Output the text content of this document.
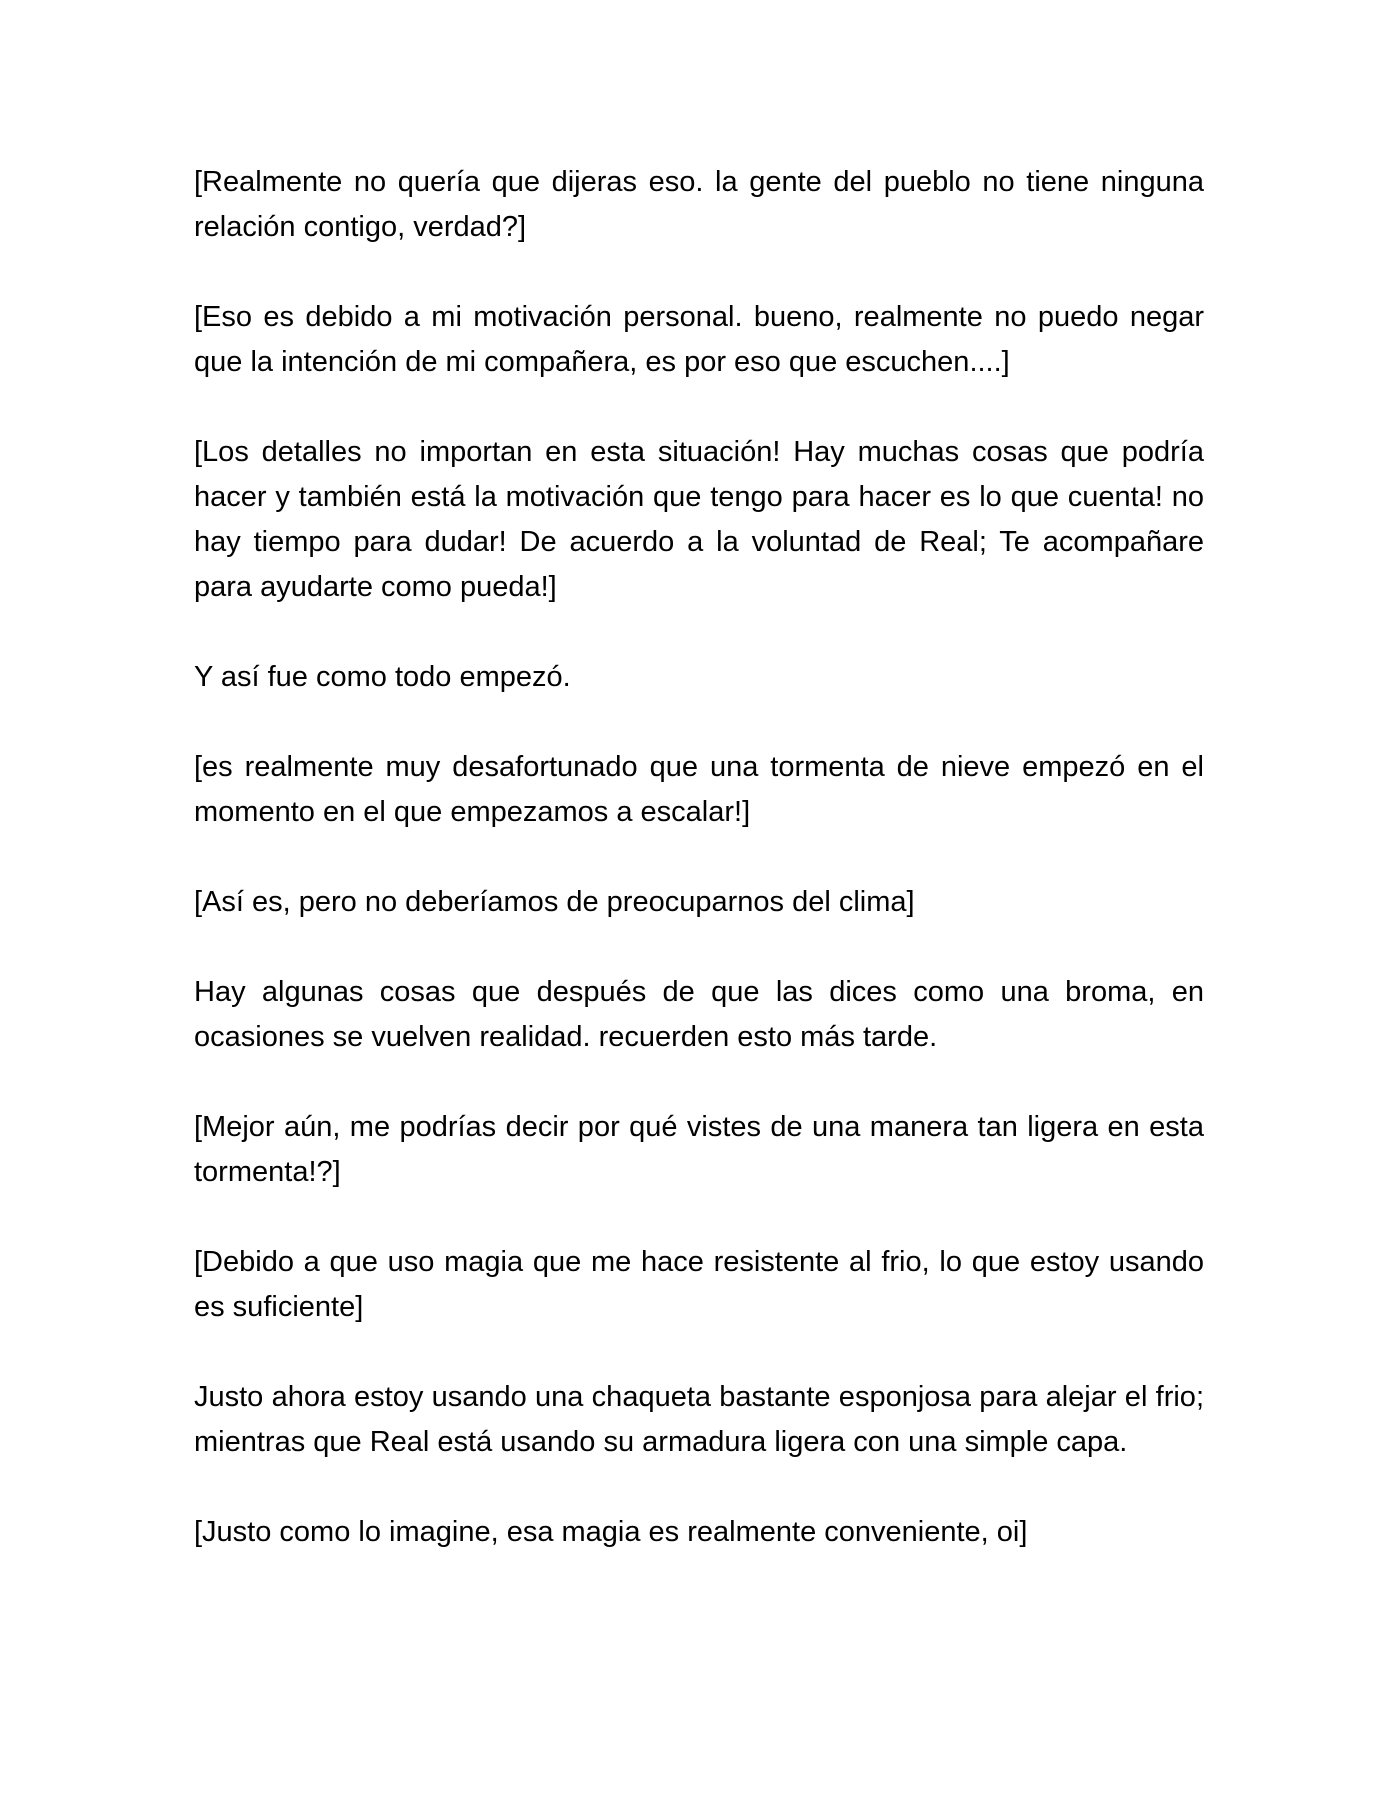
[Realmente no quería que dijeras eso. la gente del pueblo no tiene ninguna relación contigo, verdad?]

[Eso es debido a mi motivación personal. bueno, realmente no puedo negar que la intención de mi compañera, es por eso que escuchen....]

[Los detalles no importan en esta situación! Hay muchas cosas que podría hacer y también está la motivación que tengo para hacer es lo que cuenta! no hay tiempo para dudar! De acuerdo a la voluntad de Real; Te acompañare para ayudarte como pueda!]

Y así fue como todo empezó.

[es realmente muy desafortunado que una tormenta de nieve empezó en el momento en el que empezamos a escalar!]

[Así es, pero no deberíamos de preocuparnos del clima]

Hay algunas cosas que después de que las dices como una broma, en ocasiones se vuelven realidad. recuerden esto más tarde.

[Mejor aún, me podrías decir por qué vistes de una manera tan ligera en esta tormenta!?]

[Debido a que uso magia que me hace resistente al frio, lo que estoy usando es suficiente]

Justo ahora estoy usando una chaqueta bastante esponjosa para alejar el frio; mientras que Real está usando su armadura ligera con una simple capa.

[Justo como lo imagine, esa magia es realmente conveniente, oi]
